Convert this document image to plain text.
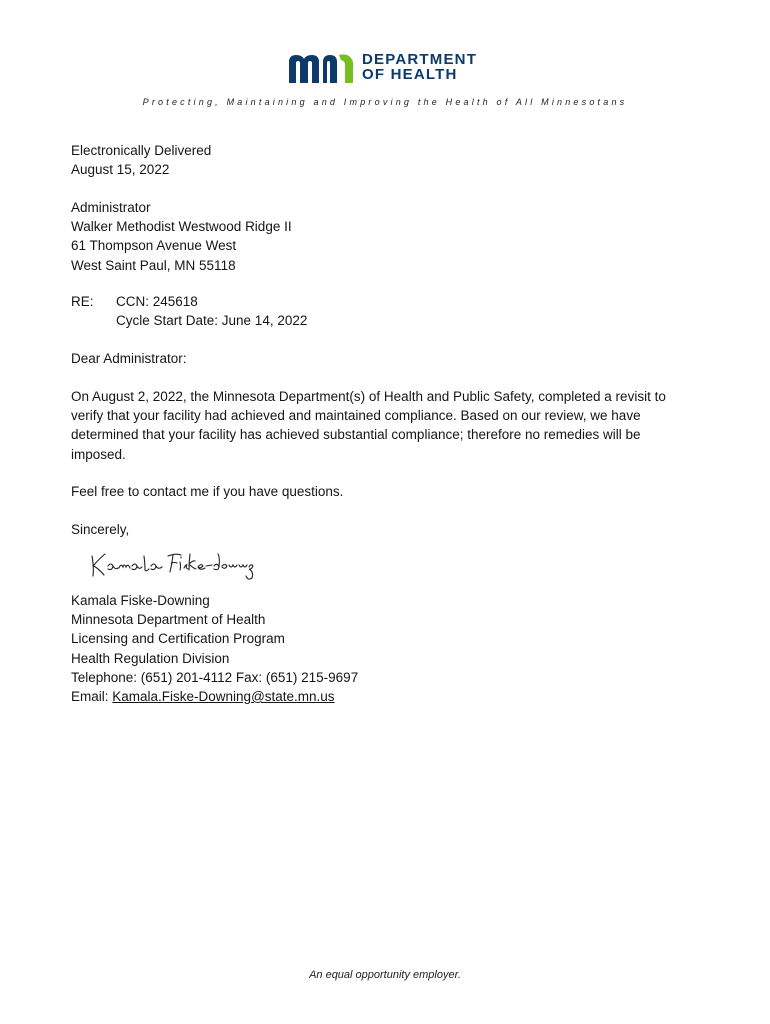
DEPARTMENT
OF HEALTH
Protecting, Maintaining and Improving the Health of All Minnesotans
Electronically Delivered
August 15, 2022
Administrator
Walker Methodist Westwood Ridge II
61 Thompson Avenue West
West Saint Paul, MN 55118
RE:	CCN: 245618
Cycle Start Date: June 14, 2022
Dear Administrator:
On August 2, 2022, the Minnesota Department(s) of Health and Public Safety, completed a revisit to verify that your facility had achieved and maintained compliance. Based on our review, we have determined that your facility has achieved substantial compliance; therefore no remedies will be imposed.
Feel free to contact me if you have questions.
Sincerely,
Kamala Fiske-Downing
Minnesota Department of Health
Licensing and Certification Program
Health Regulation Division
Telephone: (651) 201-4112 Fax: (651) 215-9697
Email: Kamala.Fiske-Downing@state.mn.us
An equal opportunity employer.
